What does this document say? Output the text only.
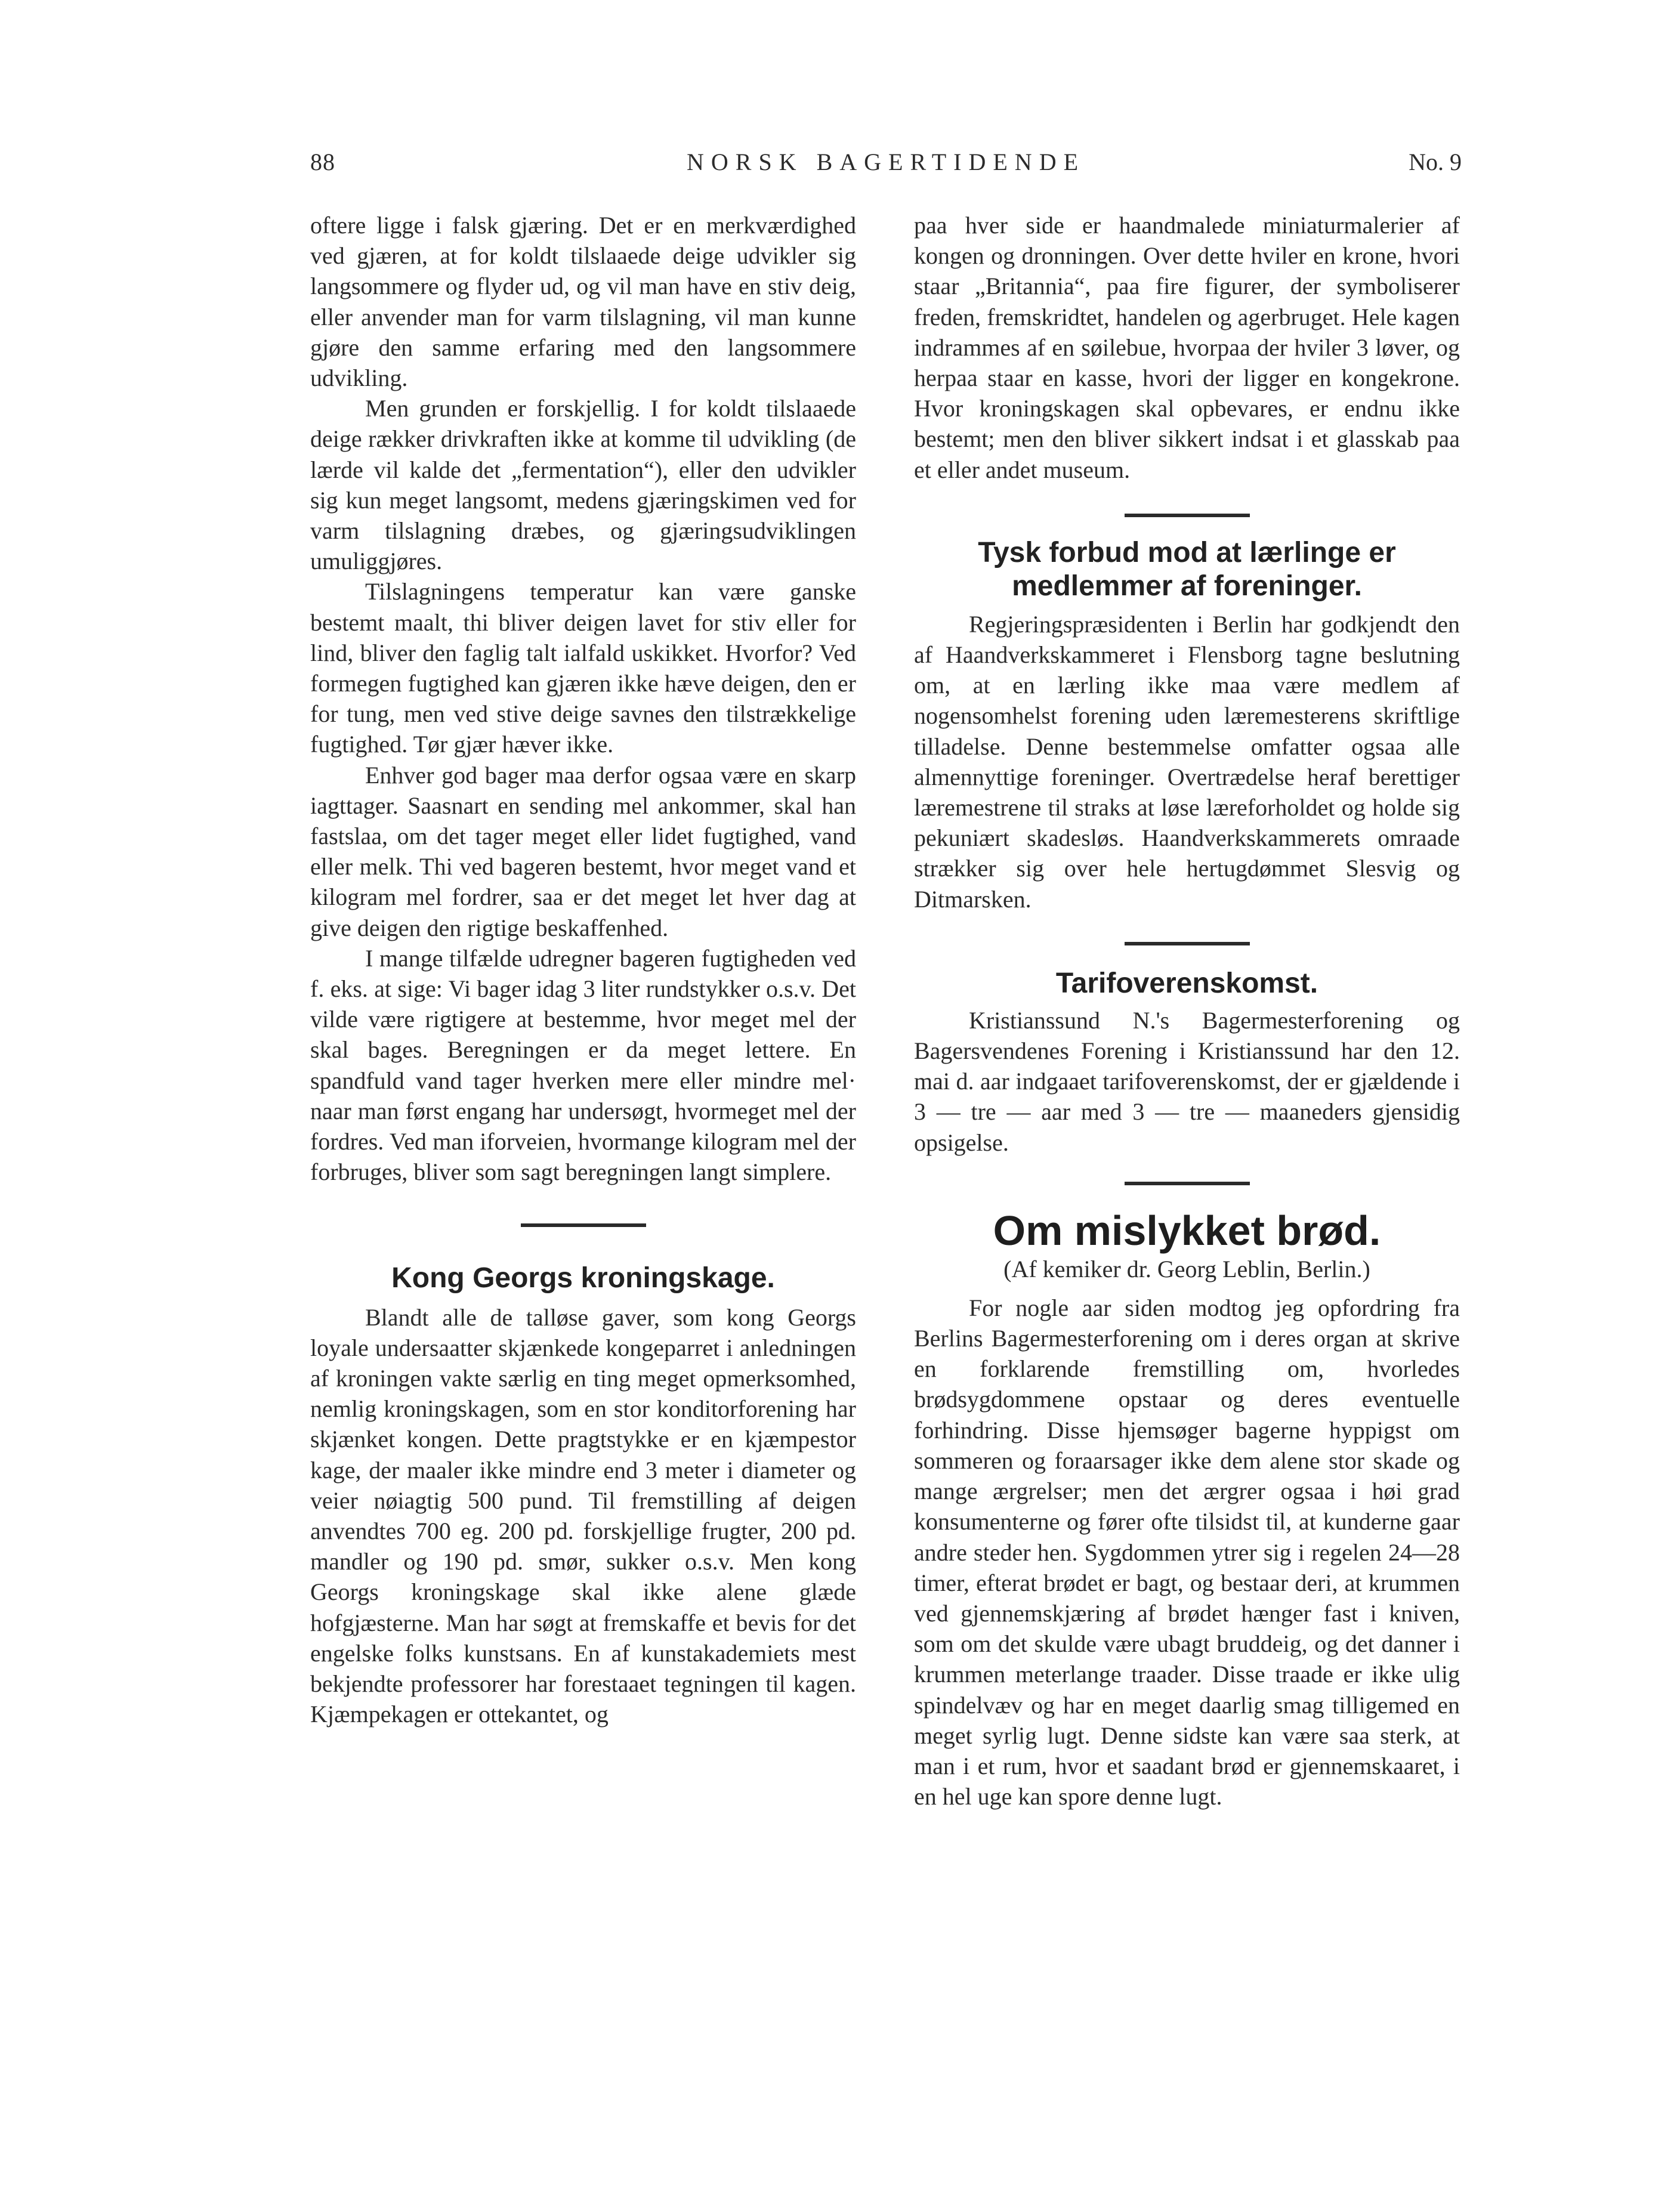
88	NORSK BAGERTIDENDE	No. 9

oftere ligge i falsk gjæring. Det er en merkværdighed ved gjæren, at for koldt tilslaaede deige udvikler sig langsommere og flyder ud, og vil man have en stiv deig, eller anvender man for varm tilslagning, vil man kunne gjøre den samme erfaring med den langsommere udvikling.

Men grunden er forskjellig. I for koldt tilslaaede deige rækker drivkraften ikke at komme til udvikling (de lærde vil kalde det „fermentation“), eller den udvikler sig kun meget langsomt, medens gjæringskimen ved for varm tilslagning dræbes, og gjæringsudviklingen umuliggjøres.

Tilslagningens temperatur kan være ganske bestemt maalt, thi bliver deigen lavet for stiv eller for lind, bliver den faglig talt ialfald uskikket. Hvorfor? Ved formegen fugtighed kan gjæren ikke hæve deigen, den er for tung, men ved stive deige savnes den tilstrækkelige fugtighed. Tør gjær hæver ikke.

Enhver god bager maa derfor ogsaa være en skarp iagttager. Saasnart en sending mel ankommer, skal han fastslaa, om det tager meget eller lidet fugtighed, vand eller melk. Thi ved bageren bestemt, hvor meget vand et kilogram mel fordrer, saa er det meget let hver dag at give deigen den rigtige beskaffenhed.

I mange tilfælde udregner bageren fugtigheden ved f. eks. at sige: Vi bager idag 3 liter rundstykker o.s.v. Det vilde være rigtigere at bestemme, hvor meget mel der skal bages. Beregningen er da meget lettere. En spandfuld vand tager hverken mere eller mindre mel· naar man først engang har undersøgt, hvormeget mel der fordres. Ved man iforveien, hvormange kilogram mel der forbruges, bliver som sagt beregningen langt simplere.

Kong Georgs kroningskage.

Blandt alle de talløse gaver, som kong Georgs loyale undersaatter skjænkede kongeparret i anledningen af kroningen vakte særlig en ting meget opmerksomhed, nemlig kroningskagen, som en stor konditorforening har skjænket kongen. Dette pragtstykke er en kjæmpestor kage, der maaler ikke mindre end 3 meter i diameter og veier nøiagtig 500 pund. Til fremstilling af deigen anvendtes 700 eg. 200 pd. forskjellige frugter, 200 pd. mandler og 190 pd. smør, sukker o.s.v. Men kong Georgs kroningskage skal ikke alene glæde hofgjæsterne. Man har søgt at fremskaffe et bevis for det engelske folks kunstsans. En af kunstakademiets mest bekjendte professorer har forestaaet tegningen til kagen. Kjæmpekagen er ottekantet, og

paa hver side er haandmalede miniaturmalerier af kongen og dronningen. Over dette hviler en krone, hvori staar „Britannia“, paa fire figurer, der symboliserer freden, fremskridtet, handelen og agerbruget. Hele kagen indrammes af en søilebue, hvorpaa der hviler 3 løver, og herpaa staar en kasse, hvori der ligger en kongekrone. Hvor kroningskagen skal opbevares, er endnu ikke bestemt; men den bliver sikkert indsat i et glasskab paa et eller andet museum.

Tysk forbud mod at lærlinge er medlemmer af foreninger.

Regjeringspræsidenten i Berlin har godkjendt den af Haandverkskammeret i Flensborg tagne beslutning om, at en lærling ikke maa være medlem af nogensomhelst forening uden læremesterens skriftlige tilladelse. Denne bestemmelse omfatter ogsaa alle almennyttige foreninger. Overtrædelse heraf berettiger læremestrene til straks at løse læreforholdet og holde sig pekuniært skadesløs. Haandverkskammerets omraade strækker sig over hele hertugdømmet Slesvig og Ditmarsken.

Tarifoverenskomst.

Kristianssund N.'s Bagermesterforening og Bagersvendenes Forening i Kristianssund har den 12. mai d. aar indgaaet tarifoverenskomst, der er gjældende i 3 — tre — aar med 3 — tre — maaneders gjensidig opsigelse.

Om mislykket brød.
(Af kemiker dr. Georg Leblin, Berlin.)

For nogle aar siden modtog jeg opfordring fra Berlins Bagermesterforening om i deres organ at skrive en forklarende fremstilling om, hvorledes brødsygdommene opstaar og deres eventuelle forhindring. Disse hjemsøger bagerne hyppigst om sommeren og foraarsager ikke dem alene stor skade og mange ærgrelser; men det ærgrer ogsaa i høi grad konsumenterne og fører ofte tilsidst til, at kunderne gaar andre steder hen. Sygdommen ytrer sig i regelen 24—28 timer, efterat brødet er bagt, og bestaar deri, at krummen ved gjennemskjæring af brødet hænger fast i kniven, som om det skulde være ubagt bruddeig, og det danner i krummen meterlange traader. Disse traade er ikke ulig spindelvæv og har en meget daarlig smag tilligemed en meget syrlig lugt. Denne sidste kan være saa sterk, at man i et rum, hvor et saadant brød er gjennemskaaret, i en hel uge kan spore denne lugt.
